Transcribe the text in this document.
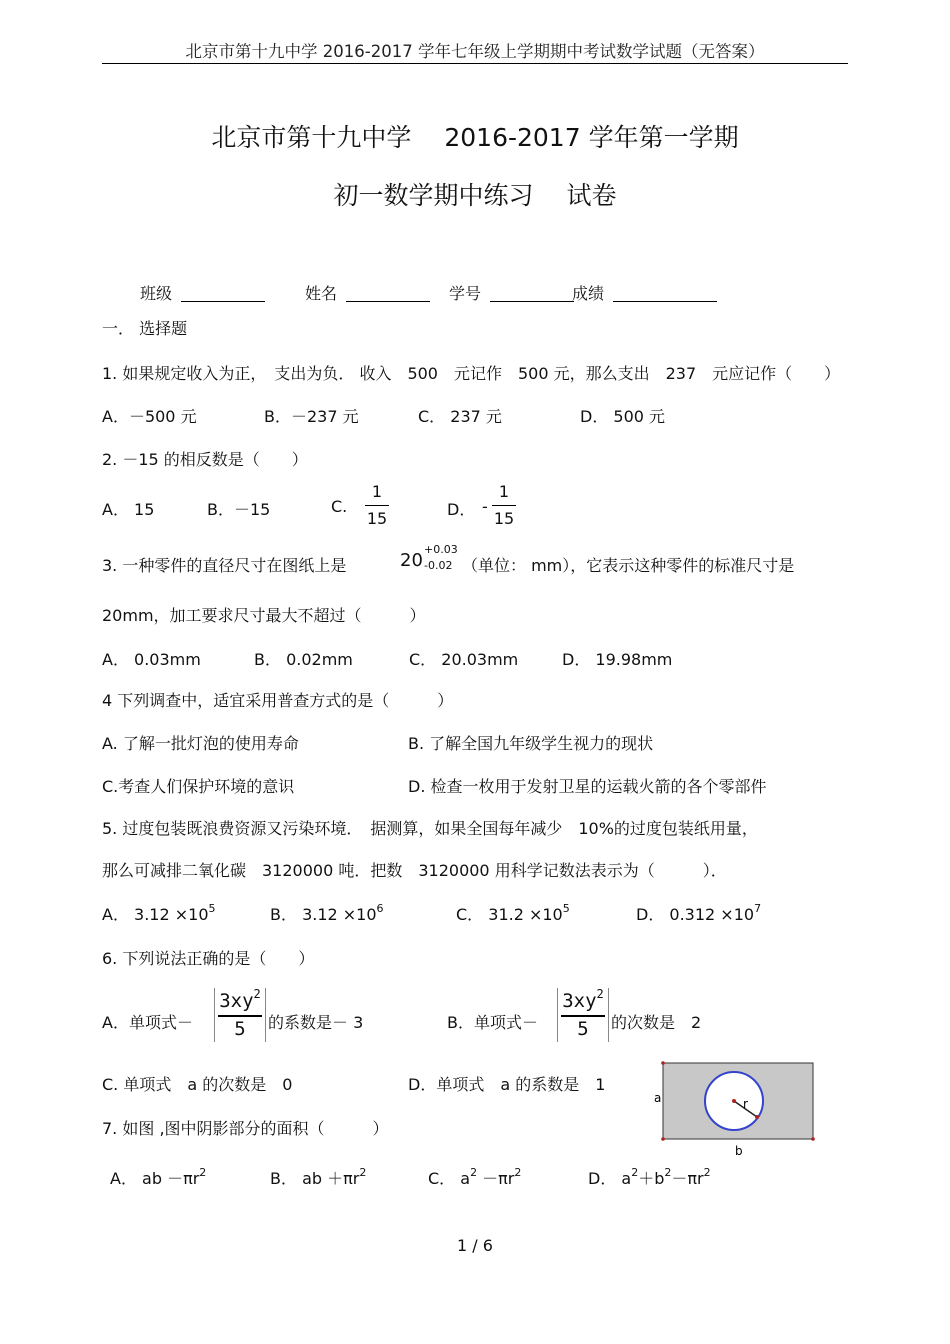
北京市第十九中学 2016-2017 学年七年级上学期期中考试数学试题（无答案）
北京市第十九中学　 2016-2017 学年第一学期
初一数学期中练习　 试卷
班级	姓名	学号	成绩
一． 选择题
1. 如果规定收入为正，　支出为负． 收入　500　元记作　500 元，那么支出　237　元应记作（　　）
A．－500 元	B．－237 元	C． 237 元	D． 500 元
2. －15 的相反数是（　　）
A． 15	B．－15	C.
1
15	D． -
1
15
3. 一种零件的直径尺寸在图纸上是	20
+0.03
-0.02 （单位： mm），它表示这种零件的标准尺寸是
20mm，加工要求尺寸最大不超过（　　　）
A． 0.03mm	B． 0.02mm	C． 20.03mm	D． 19.98mm
4 下列调查中，适宜采用普查方式的是（　　　）
A. 了解一批灯泡的使用寿命	B. 了解全国九年级学生视力的现状
C.考查人们保护环境的意识	D. 检查一枚用于发射卫星的运载火箭的各个零部件
5. 过度包装既浪费资源又污染环境．　据测算，如果全国每年减少　10%的过度包装纸用量，
那么可减排二氧化碳　3120000 吨．把数　3120000 用科学记数法表示为（　　　）．
A． $3.12 \times 10^5$	B． $3.12 \times 10^6$	C． $31.2 \times 10^5$	D． $0.312 \times 10^7$
6. 下列说法正确的是（　　）
A．单项式－
$3xy^2$
5	的系数是－ 3	B．单项式－
$3xy^2$
5	的次数是　2
C. 单项式　a 的次数是　0	D．单项式　a 的系数是　1
a
b
r
7. 如图 ,图中阴影部分的面积（　　　）
A． ab $-\pi r^2$	B． ab $+\pi r^2$	C． $a^2 -\pi r^2$	D． $a^2+b^2-\pi r^2$
1 / 6
